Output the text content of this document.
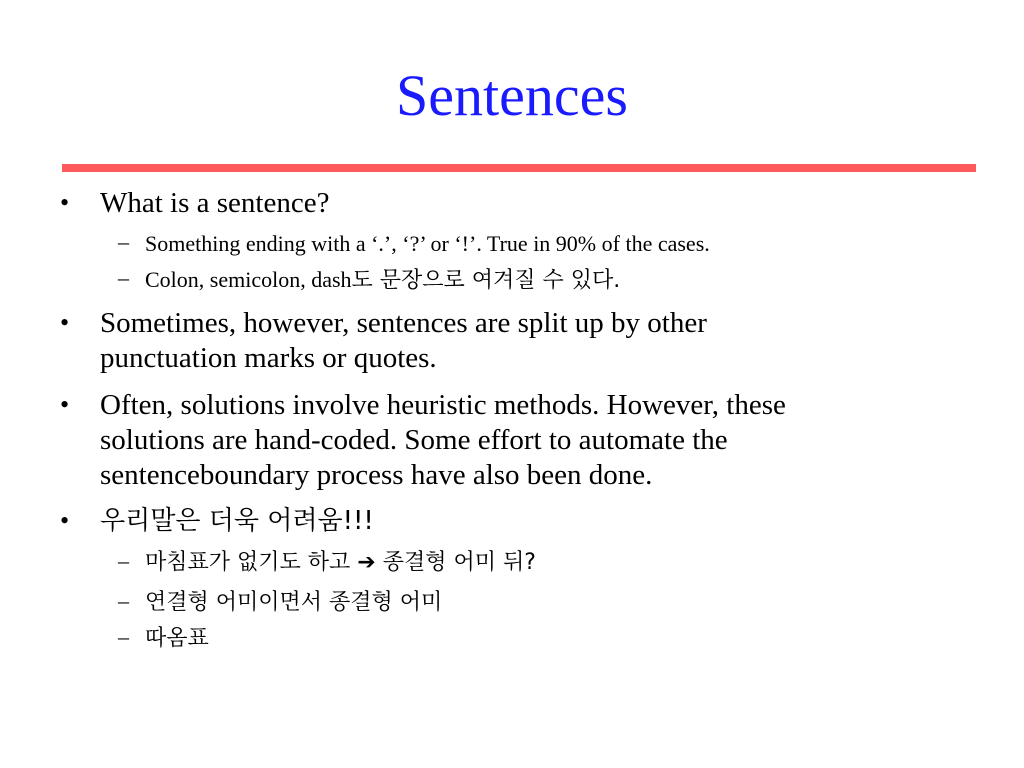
Sentences
• What is a sentence?
– Something ending with a ‘.’, ‘?’ or ‘!’. True in 90% of the cases.
– Colon, semicolon, dash도 문장으로 여겨질 수 있다.
• Sometimes, however, sentences are split up by other
punctuation marks or quotes.
• Often, solutions involve heuristic methods. However, these
solutions are hand-coded. Some effort to automate the
sentenceboundary process have also been done.
• 우리말은 더욱 어려움!!!
– 마침표가 없기도 하고 ➔ 종결형 어미 뒤?
– 연결형 어미이면서 종결형 어미
– 따옴표
